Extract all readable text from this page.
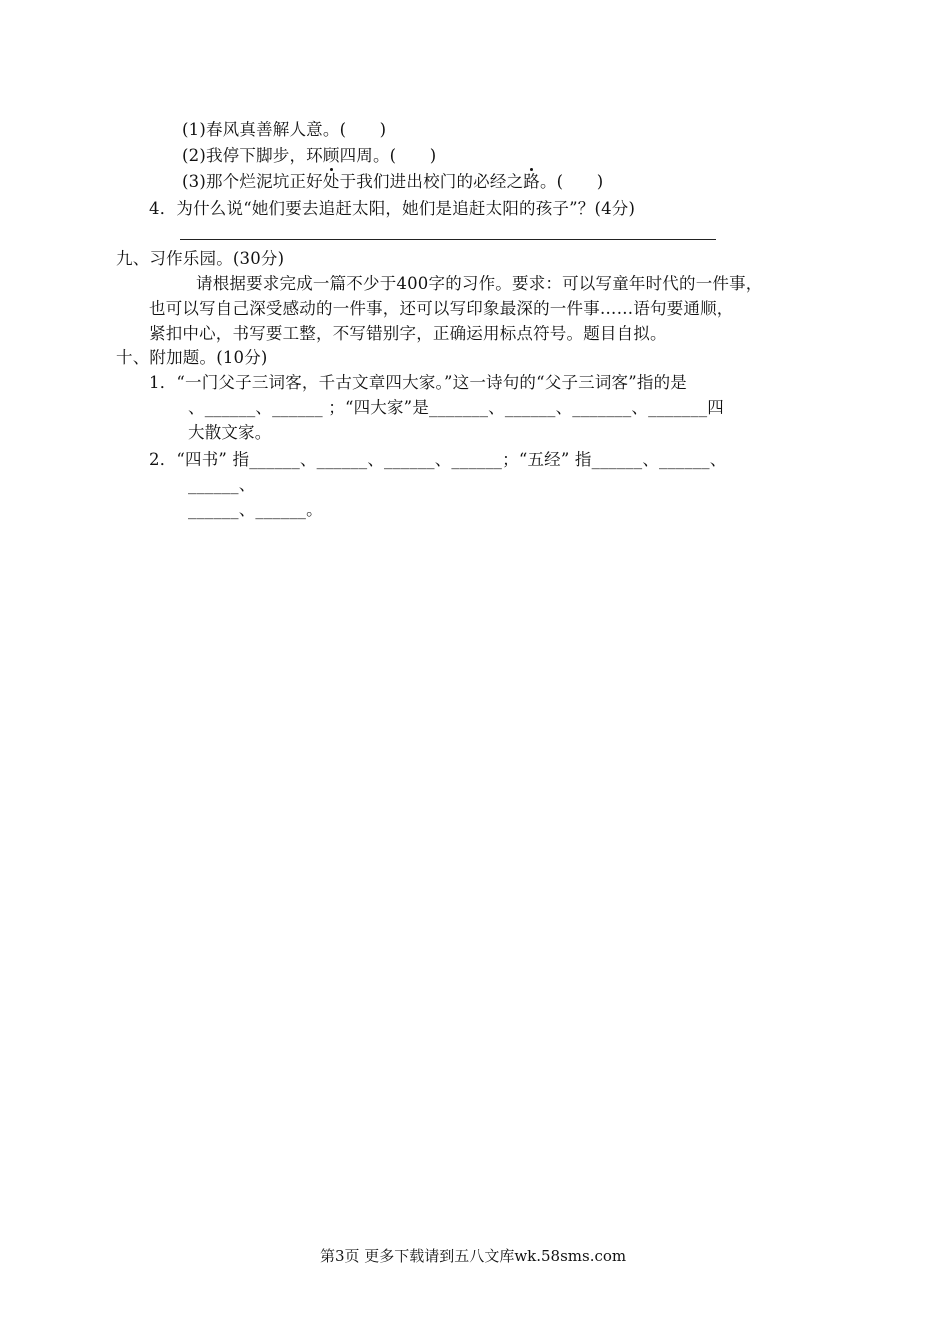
(1)春风真善解人意。(　　)
(2)我停下脚步，环顾四周。(　　)
(3)那个烂泥坑正好处于我们进出校门的必经之路。(　　)
4．为什么说“她们要去追赶太阳，她们是追赶太阳的孩子”？(4分)
九、习作乐园。(30分)
请根据要求完成一篇不少于400字的习作。要求：可以写童年时代的一件事，
也可以写自己深受感动的一件事，还可以写印象最深的一件事……语句要通顺，
紧扣中心，书写要工整，不写错别字，正确运用标点符号。题目自拟。
十、附加题。(10分)
1．“一门父子三词客，千古文章四大家。”这一诗句的“父子三词客”指的是
、______、______ ；“四大家”是_______、______、_______、_______四
大散文家。
2．“四书” 指______、______、______、______；“五经” 指______、______、
______、
______、______。
第3页 更多下载请到五八文库wk.58sms.com
